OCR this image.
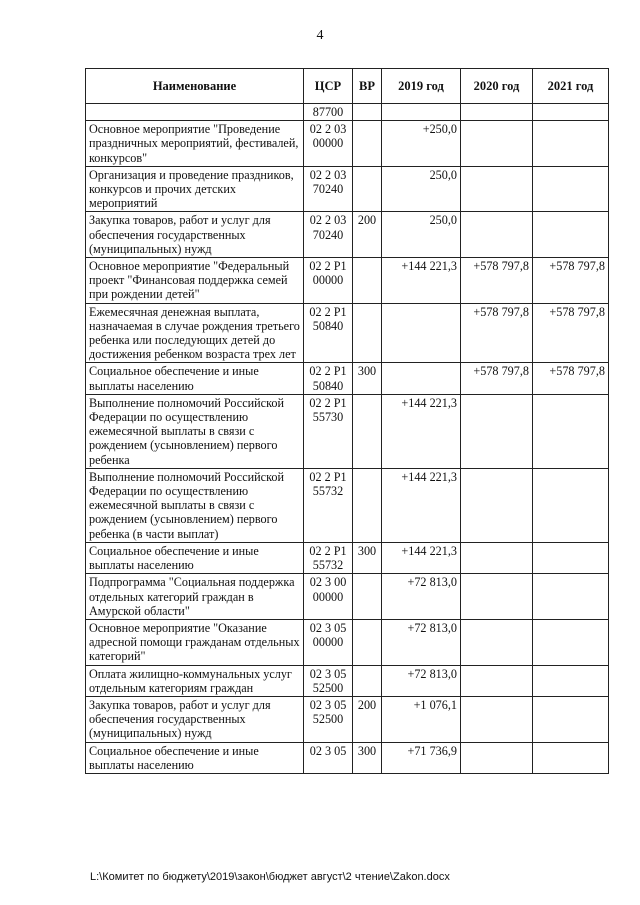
4
Наименование	ЦСР	ВР	2019 год	2020 год	2021 год
	87700				
Основное мероприятие "Проведение праздничных мероприятий, фестивалей, конкурсов"	02 2 03 00000		+250,0		
Организация и проведение праздников, конкурсов и прочих детских мероприятий	02 2 03 70240		250,0		
Закупка товаров, работ и услуг для обеспечения государственных (муниципальных) нужд	02 2 03 70240	200	250,0		
Основное мероприятие "Федеральный проект "Финансовая поддержка семей при рождении детей"	02 2 P1 00000		+144 221,3	+578 797,8	+578 797,8
Ежемесячная денежная выплата, назначаемая в случае рождения третьего ребенка или последующих детей до достижения ребенком возраста трех лет	02 2 P1 50840			+578 797,8	+578 797,8
Социальное обеспечение и иные выплаты населению	02 2 P1 50840	300		+578 797,8	+578 797,8
Выполнение полномочий Российской Федерации по осуществлению ежемесячной выплаты в связи с рождением (усыновлением) первого ребенка	02 2 P1 55730		+144 221,3		
Выполнение полномочий Российской Федерации по осуществлению ежемесячной выплаты в связи с рождением (усыновлением) первого ребенка (в части выплат)	02 2 P1 55732		+144 221,3		
Социальное обеспечение и иные выплаты населению	02 2 P1 55732	300	+144 221,3		
Подпрограмма "Социальная поддержка отдельных категорий граждан в Амурской области"	02 3 00 00000		+72 813,0		
Основное мероприятие "Оказание адресной помощи гражданам отдельных категорий"	02 3 05 00000		+72 813,0		
Оплата жилищно-коммунальных услуг отдельным категориям граждан	02 3 05 52500		+72 813,0		
Закупка товаров, работ и услуг для обеспечения государственных (муниципальных) нужд	02 3 05 52500	200	+1 076,1		
Социальное обеспечение и иные выплаты населению	02 3 05	300	+71 736,9		
L:\Комитет по бюджету\2019\закон\бюджет август\2 чтение\Zakon.docx
